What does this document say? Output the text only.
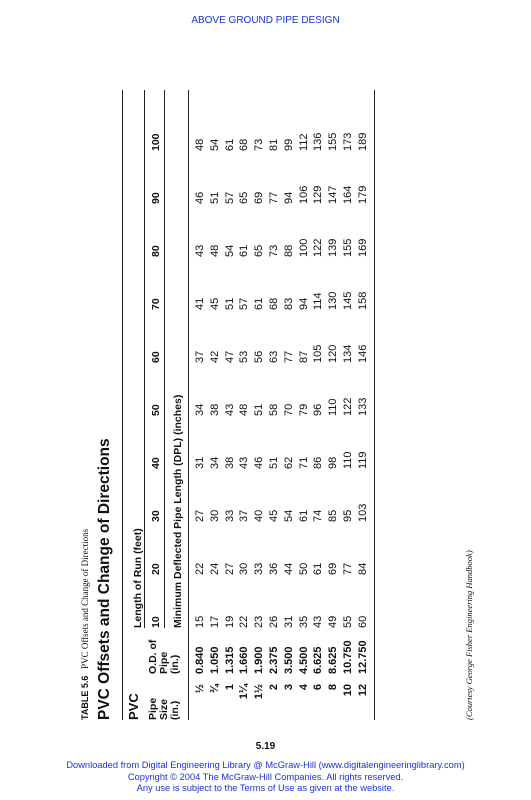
ABOVE GROUND PIPE DESIGN
TABLE 5.6   PVC Offsets and Change of Directions PVC Offsets and Change of Directions PVC
Length of Run (feet)
Pipe Size (in.)
O.D. of Pipe (in.)
10
20
30
40
50
60
70
80
90
100
Minimum Deflected Pipe Length (DPL) (inches)
½
0.840
15
22
27
31
34
37
41
43
46
48
¾
1.050
17
24
30
34
38
42
45
48
51
54
1
1.315
19
27
33
38
43
47
51
54
57
61
1¼
1.660
22
30
37
43
48
53
57
61
65
68
1½
1.900
23
33
40
46
51
56
61
65
69
73
2
2.375
26
36
45
51
58
63
68
73
77
81
3
3.500
31
44
54
62
70
77
83
88
94
99
4
4.500
35
50
61
71
79
87
94
100
106
112
6
6.625
43
61
74
86
96
105
114
122
129
136
8
8.625
49
69
85
98
110
120
130
139
147
155
10
10.750
55
77
95
110
122
134
145
155
164
173
12
12.750
60
84
103
119
133
146
158
169
179
189
(Courtesy George Fisher Engineering Handbook)
5.19
Downloaded from Digital Engineering Library @ McGraw-Hill (www.digitalengineeringlibrary.com)
Copyright © 2004 The McGraw-Hill Companies. All rights reserved.
Any use is subject to the Terms of Use as given at the website.
